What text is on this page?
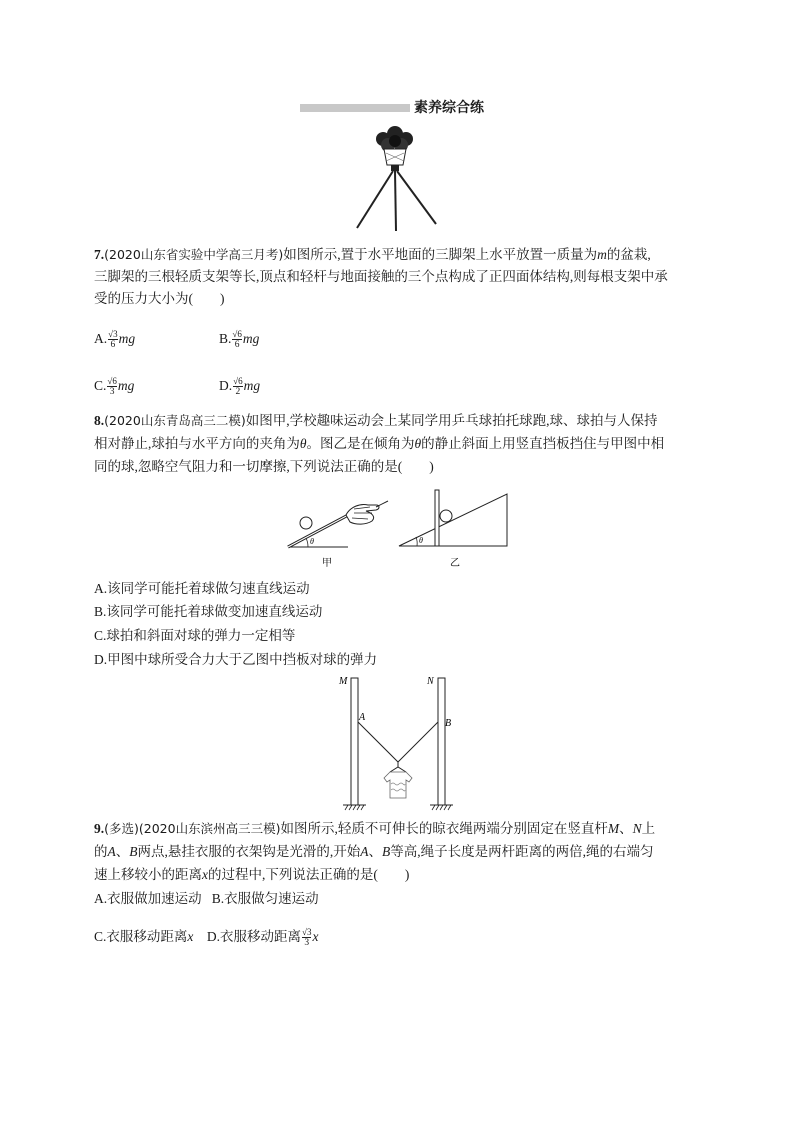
素养综合练
7.(2020山东省实验中学高三月考)如图所示,置于水平地面的三脚架上水平放置一质量为m的盆栽,
三脚架的三根轻质支架等长,顶点和轻杆与地面接触的三个点构成了正四面体结构,则每根支架中承
受的压力大小为(　　)
A. $\frac{√3}{6}$ mg	B. $\frac{√6}{6}$ mg
C. $\frac{√6}{3}$ mg	D. $\frac{√6}{2}$ mg
8.(2020山东青岛高三二模)如图甲,学校趣味运动会上某同学用乒乓球拍托球跑,球、球拍与人保持
相对静止,球拍与水平方向的夹角为θ。图乙是在倾角为θ的静止斜面上用竖直挡板挡住与甲图中相
同的球,忽略空气阻力和一切摩擦,下列说法正确的是(　　)
θ
甲
θ
乙
A.该同学可能托着球做匀速直线运动
B.该同学可能托着球做变加速直线运动
C.球拍和斜面对球的弹力一定相等
D.甲图中球所受合力大于乙图中挡板对球的弹力
M	N
A
B
9.(多选)(2020山东滨州高三三模)如图所示,轻质不可伸长的晾衣绳两端分别固定在竖直杆M、N上
的A、B两点,悬挂衣服的衣架钩是光滑的,开始A、B等高,绳子长度是两杆距离的两倍,绳的右端匀
速上移较小的距离x的过程中,下列说法正确的是(　　)
A.衣服做加速运动 B.衣服做匀速运动
C.衣服移动距离x D.衣服移动距离 $\frac{√3}{3}$ x
